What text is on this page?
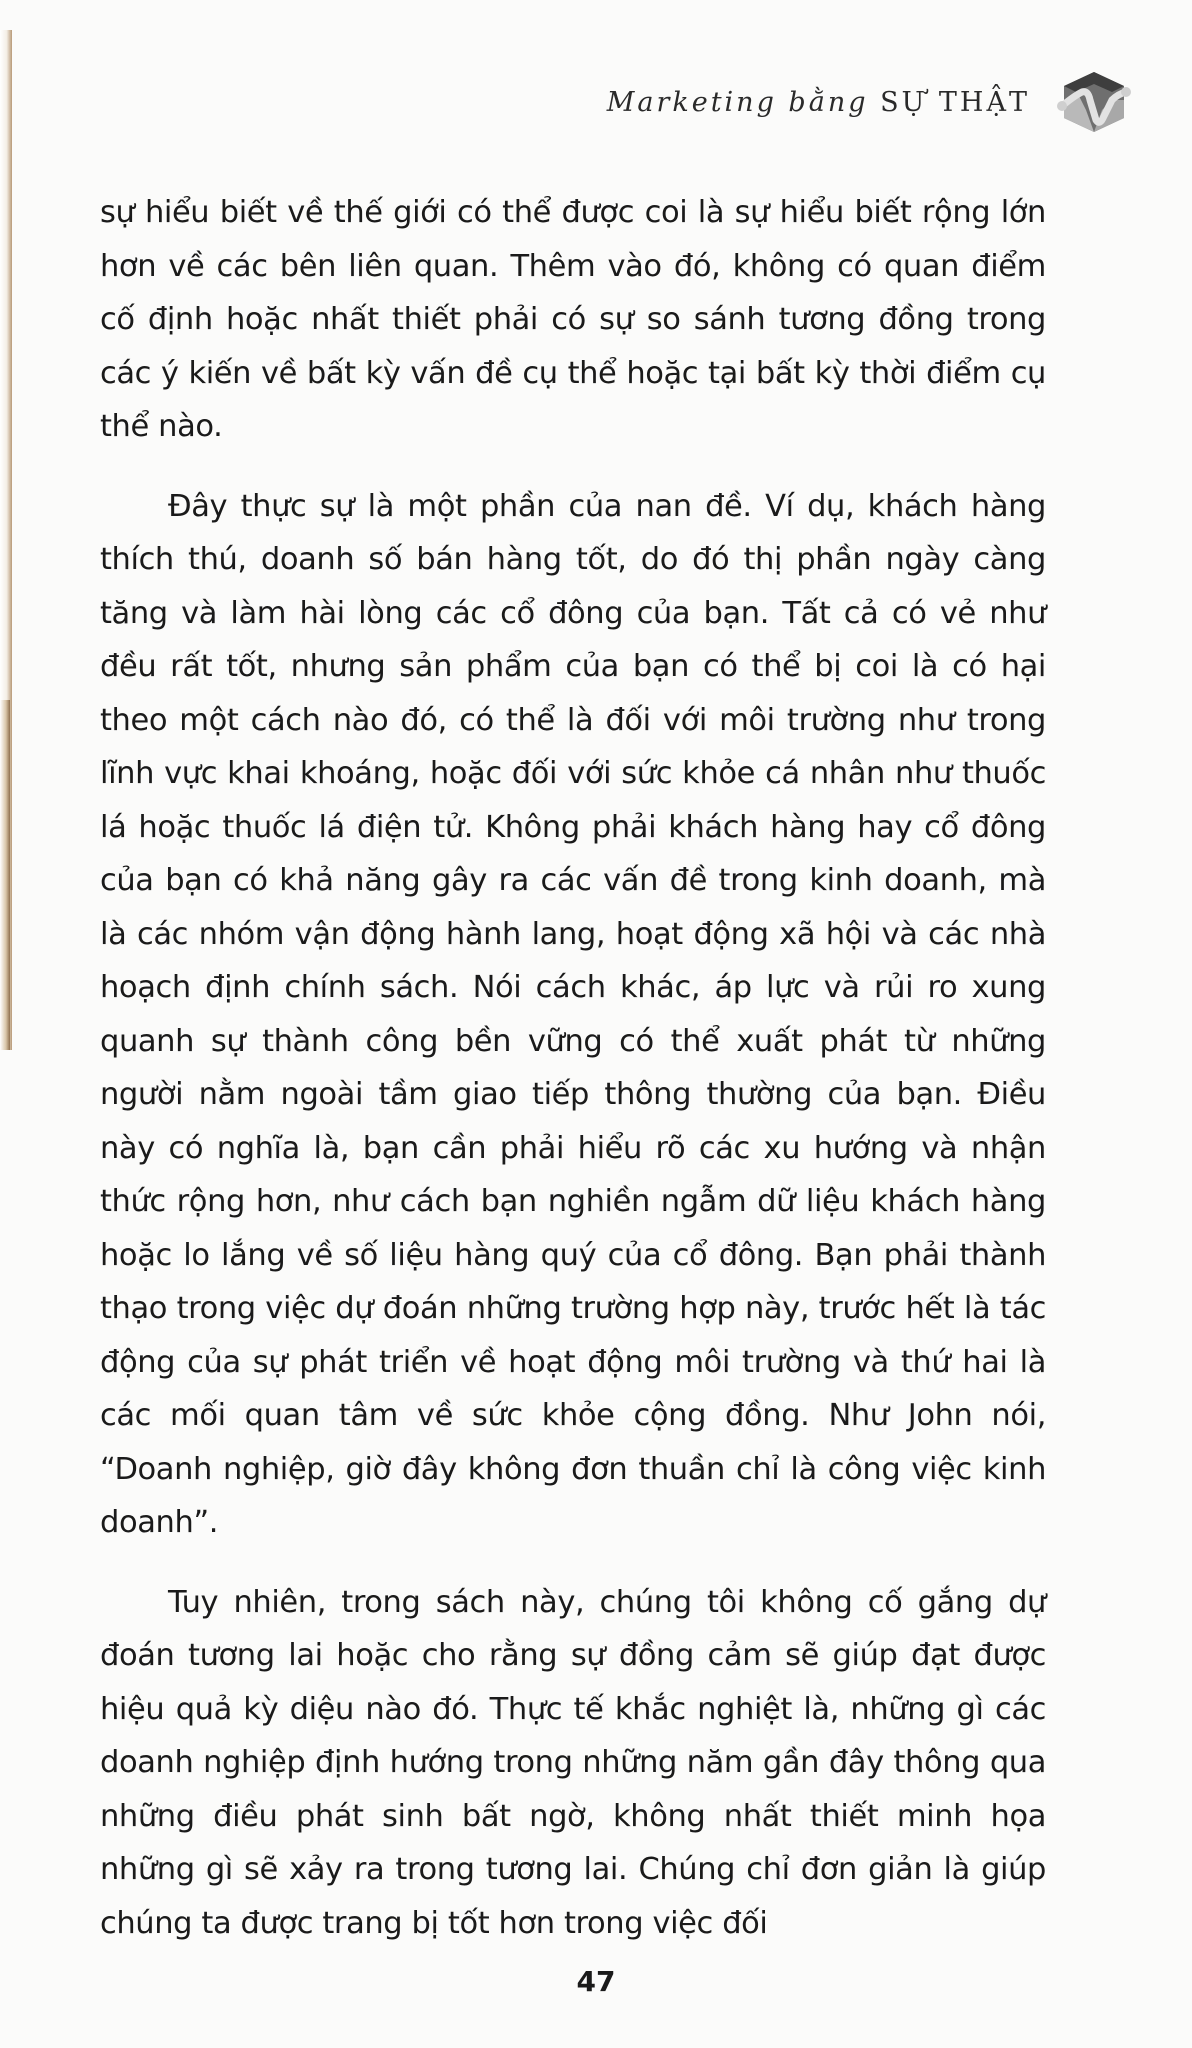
Marketing bằng SỰ THẬT

sự hiểu biết về thế giới có thể được coi là sự hiểu biết rộng lớn hơn về các bên liên quan. Thêm vào đó, không có quan điểm cố định hoặc nhất thiết phải có sự so sánh tương đồng trong các ý kiến về bất kỳ vấn đề cụ thể hoặc tại bất kỳ thời điểm cụ thể nào.

Đây thực sự là một phần của nan đề. Ví dụ, khách hàng thích thú, doanh số bán hàng tốt, do đó thị phần ngày càng tăng và làm hài lòng các cổ đông của bạn. Tất cả có vẻ như đều rất tốt, nhưng sản phẩm của bạn có thể bị coi là có hại theo một cách nào đó, có thể là đối với môi trường như trong lĩnh vực khai khoáng, hoặc đối với sức khỏe cá nhân như thuốc lá hoặc thuốc lá điện tử. Không phải khách hàng hay cổ đông của bạn có khả năng gây ra các vấn đề trong kinh doanh, mà là các nhóm vận động hành lang, hoạt động xã hội và các nhà hoạch định chính sách. Nói cách khác, áp lực và rủi ro xung quanh sự thành công bền vững có thể xuất phát từ những người nằm ngoài tầm giao tiếp thông thường của bạn. Điều này có nghĩa là, bạn cần phải hiểu rõ các xu hướng và nhận thức rộng hơn, như cách bạn nghiền ngẫm dữ liệu khách hàng hoặc lo lắng về số liệu hàng quý của cổ đông. Bạn phải thành thạo trong việc dự đoán những trường hợp này, trước hết là tác động của sự phát triển về hoạt động môi trường và thứ hai là các mối quan tâm về sức khỏe cộng đồng. Như John nói, “Doanh nghiệp, giờ đây không đơn thuần chỉ là công việc kinh doanh”.

Tuy nhiên, trong sách này, chúng tôi không cố gắng dự đoán tương lai hoặc cho rằng sự đồng cảm sẽ giúp đạt được hiệu quả kỳ diệu nào đó. Thực tế khắc nghiệt là, những gì các doanh nghiệp định hướng trong những năm gần đây thông qua những điều phát sinh bất ngờ, không nhất thiết minh họa những gì sẽ xảy ra trong tương lai. Chúng chỉ đơn giản là giúp chúng ta được trang bị tốt hơn trong việc đối

47
